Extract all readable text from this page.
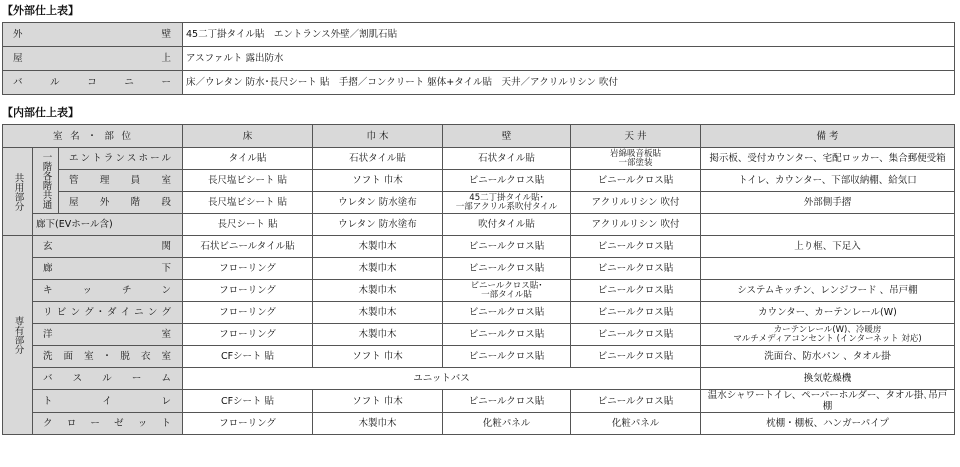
【外部仕上表】
外　　　　　壁	45二丁掛タイル貼　エントランス外壁／割肌石貼
屋　　　　　上	アスファルト 露出防水
バ ル コ ニ ー	床／ウレタン 防水･長尺シート 貼　手摺／コンクリート 躯体+タイル貼　天井／アクリルリシン 吹付
【内部仕上表】
室名・部位			床	巾 木	壁	天 井	備 考

共用部分	一階各階共通	エントランスホール	タイル貼	石状タイル貼	石状タイル貼	岩綿吸音板貼
一部塗装	掲示板、受付カウンター、宅配ロッカー、集合郵便受箱
		管 理 員 室	長尺塩ビシート 貼	ソフト 巾木	ビニールクロス貼	ビニールクロス貼	トイレ、カウンター、下部収納棚、給気口
		屋 外 階 段	長尺塩ビシート 貼	ウレタン 防水塗布	45二丁掛タイル貼･
一部アクリル系吹付タイル	アクリルリシン 吹付	外部側手摺
	廊下(EVホール含)		長尺シート 貼	ウレタン 防水塗布	吹付タイル貼	アクリルリシン 吹付	

専有部分	玄　　　　関		石状ビニールタイル貼	木製巾木	ビニールクロス貼	ビニールクロス貼	上り框、下足入
	廊　　　　下		フローリング	木製巾木	ビニールクロス貼	ビニールクロス貼	
	キ ッ チ ン		フローリング	木製巾木	ビニールクロス貼･
一部タイル貼	ビニールクロス貼	システムキッチン、レンジフード 、吊戸棚
	リビング･ダイニング		フローリング	木製巾木	ビニールクロス貼	ビニールクロス貼	カウンター、カーテンレール(W)
	洋　　　　室		フローリング	木製巾木	ビニールクロス貼	ビニールクロス貼	カーテンレール(W)、冷暖房
マルチメディアコンセント (インターネット 対応)
	洗面室･脱衣室		CFシート 貼	ソフト 巾木	ビニールクロス貼	ビニールクロス貼	洗面台、防水パン 、タオル掛
	バ ス ル ー ム		ユニットバス				換気乾燥機
	ト　イ　レ		CFシート 貼	ソフト 巾木	ビニールクロス貼	ビニールクロス貼	温水シャワートイレ、ペーパーホルダー、タオル掛､吊戸棚
	ク ロ ー ゼ ッ ト		フローリング	木製巾木	化粧パネル	化粧パネル	枕棚・棚板、ハンガーパイプ
